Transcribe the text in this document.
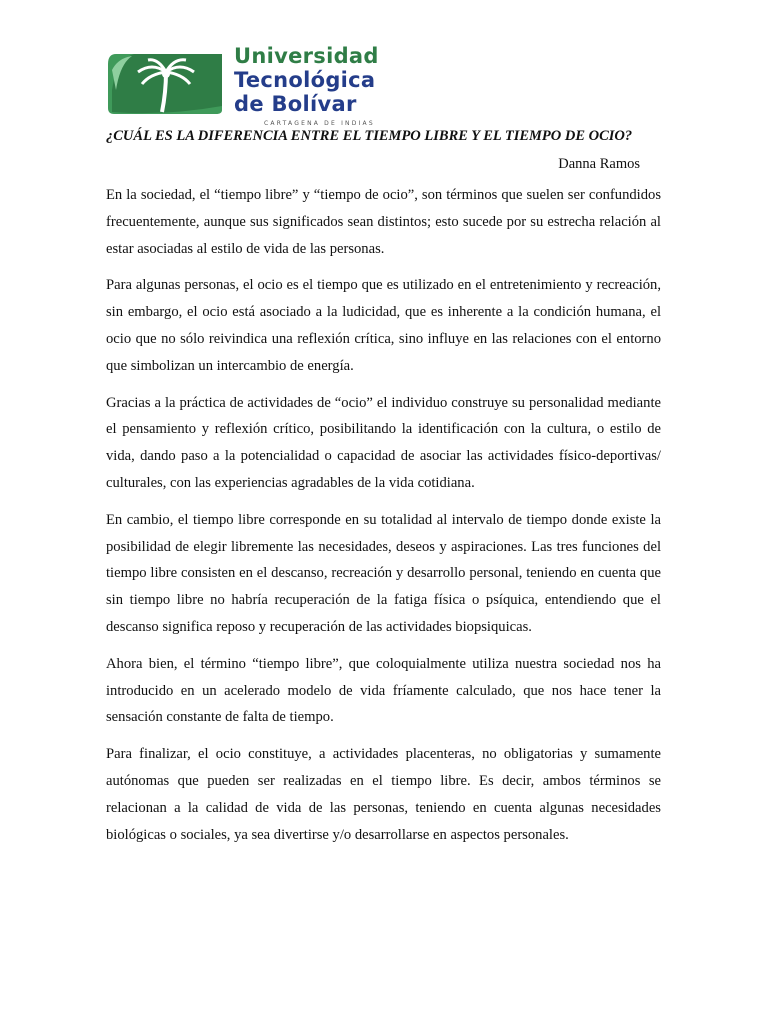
Universidad
Tecnológica
de Bolívar
CARTAGENA DE INDIAS
¿CUÁL ES LA DIFERENCIA ENTRE EL TIEMPO LIBRE Y EL TIEMPO DE OCIO?

Danna Ramos

En la sociedad, el “tiempo libre” y “tiempo de ocio”, son términos que suelen ser confundidos frecuentemente, aunque sus significados sean distintos; esto sucede por su estrecha relación al estar asociadas al estilo de vida de las personas.

Para algunas personas, el ocio es el tiempo que es utilizado en el entretenimiento y recreación, sin embargo, el ocio está asociado a la ludicidad, que es inherente a la condición humana, el ocio que no sólo reivindica una reflexión crítica, sino influye en las relaciones con el entorno que simbolizan un intercambio de energía.

Gracias a la práctica de actividades de “ocio” el individuo construye su personalidad mediante el pensamiento y reflexión crítico, posibilitando la identificación con la cultura, o estilo de vida, dando paso a la potencialidad o capacidad de asociar las actividades físico-deportivas/ culturales, con las experiencias agradables de la vida cotidiana.

En cambio, el tiempo libre corresponde en su totalidad al intervalo de tiempo donde existe la posibilidad de elegir libremente las necesidades, deseos y aspiraciones. Las tres funciones del tiempo libre consisten en el descanso, recreación y desarrollo personal, teniendo en cuenta que sin tiempo libre no habría recuperación de la fatiga física o psíquica, entendiendo que el descanso significa reposo y recuperación de las actividades biopsiquicas.

Ahora bien, el término “tiempo libre”, que coloquialmente utiliza nuestra sociedad nos ha introducido en un acelerado modelo de vida fríamente calculado, que nos hace tener la sensación constante de falta de tiempo.

Para finalizar, el ocio constituye, a actividades placenteras, no obligatorias y sumamente autónomas que pueden ser realizadas en el tiempo libre. Es decir, ambos términos se relacionan a la calidad de vida de las personas, teniendo en cuenta algunas necesidades biológicas o sociales, ya sea divertirse y/o desarrollarse en aspectos personales.
